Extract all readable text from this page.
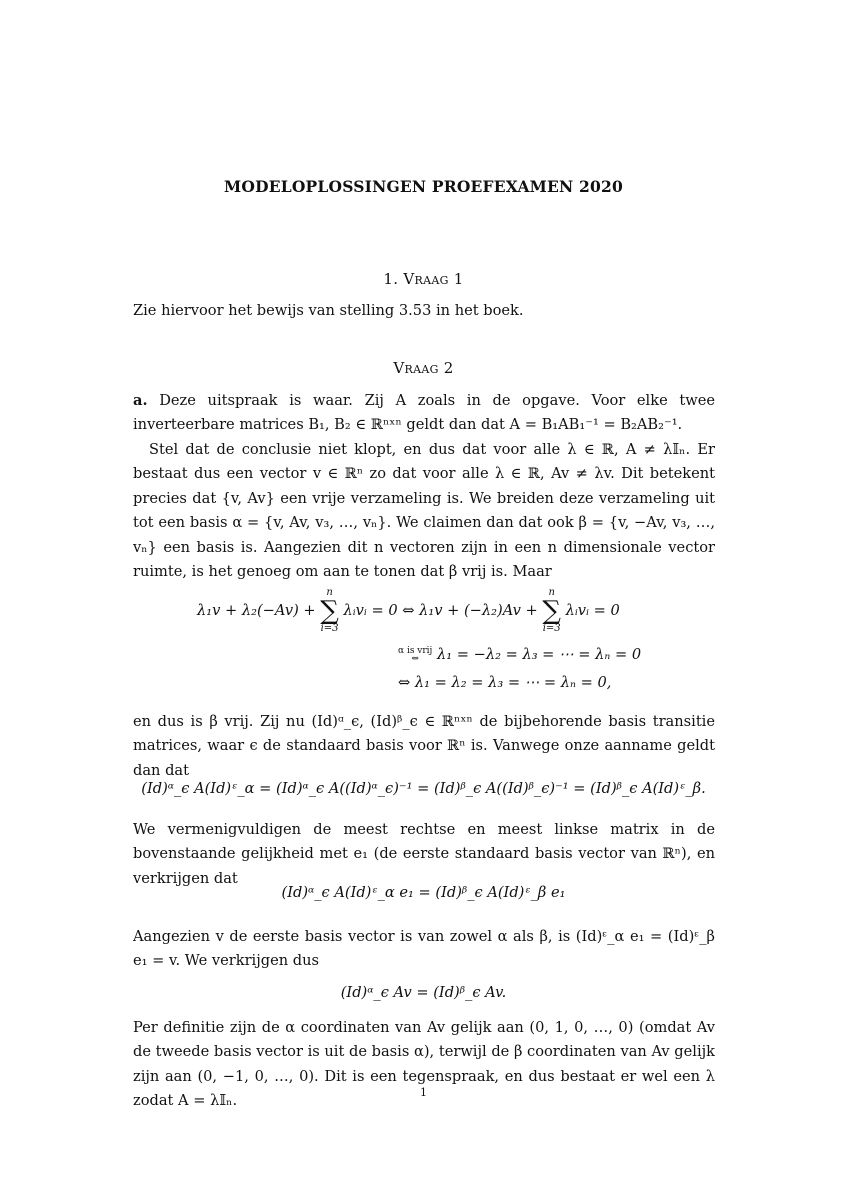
MODELOPLOSSINGEN PROEFEXAMEN 2020
1. Vraag 1

Zie hiervoor het bewijs van stelling 3.53 in het boek.

Vraag 2

a. Deze uitspraak is waar. Zij A zoals in de opgave. Voor elke twee inverteerbare matrices B₁, B₂ ∈ ℝⁿˣⁿ geldt dan dat A = B₁AB₁⁻¹ = B₂AB₂⁻¹.

Stel dat de conclusie niet klopt, en dus dat voor alle λ ∈ ℝ, A ≠ λ𝕀ₙ. Er bestaat dus een vector v ∈ ℝⁿ zo dat voor alle λ ∈ ℝ, Av ≠ λv. Dit betekent precies dat {v, Av} een vrije verzameling is. We breiden deze verzameling uit tot een basis α = {v, Av, v₃, …, vₙ}. We claimen dan dat ook β = {v, −Av, v₃, …, vₙ} een basis is. Aangezien dit n vectoren zijn in een n dimensionale vector ruimte, is het genoeg om aan te tonen dat β vrij is. Maar

λ₁v + λ₂(−Av) +
n
∑
i=3
λᵢvᵢ = 0 ⇔ λ₁v + (−λ₂)Av +
n
∑
i=3
λᵢvᵢ = 0
α is vrij
⇔ λ₁ = −λ₂ = λ₃ = ⋯ = λₙ = 0
⇔ λ₁ = λ₂ = λ₃ = ⋯ = λₙ = 0,

en dus is β vrij. Zij nu (Id)ᵅ_ϵ, (Id)ᵝ_ϵ ∈ ℝⁿˣⁿ de bijbehorende basis transitie matrices, waar ϵ de standaard basis voor ℝⁿ is. Vanwege onze aanname geldt dan dat

(Id)ᵅ_ϵ A(Id)ᵋ_α = (Id)ᵅ_ϵ A((Id)ᵅ_ϵ)⁻¹ = (Id)ᵝ_ϵ A((Id)ᵝ_ϵ)⁻¹ = (Id)ᵝ_ϵ A(Id)ᵋ_β.

We vermenigvuldigen de meest rechtse en meest linkse matrix in de bovenstaande gelijkheid met e₁ (de eerste standaard basis vector van ℝⁿ), en verkrijgen dat

(Id)ᵅ_ϵ A(Id)ᵋ_α e₁ = (Id)ᵝ_ϵ A(Id)ᵋ_β e₁

Aangezien v de eerste basis vector is van zowel α als β, is (Id)ᵋ_α e₁ = (Id)ᵋ_β e₁ = v. We verkrijgen dus

(Id)ᵅ_ϵ Av = (Id)ᵝ_ϵ Av.

Per definitie zijn de α coordinaten van Av gelijk aan (0, 1, 0, …, 0) (omdat Av de tweede basis vector is uit de basis α), terwijl de β coordinaten van Av gelijk zijn aan (0, −1, 0, …, 0). Dit is een tegenspraak, en dus bestaat er wel een λ zodat A = λ𝕀ₙ.	1
